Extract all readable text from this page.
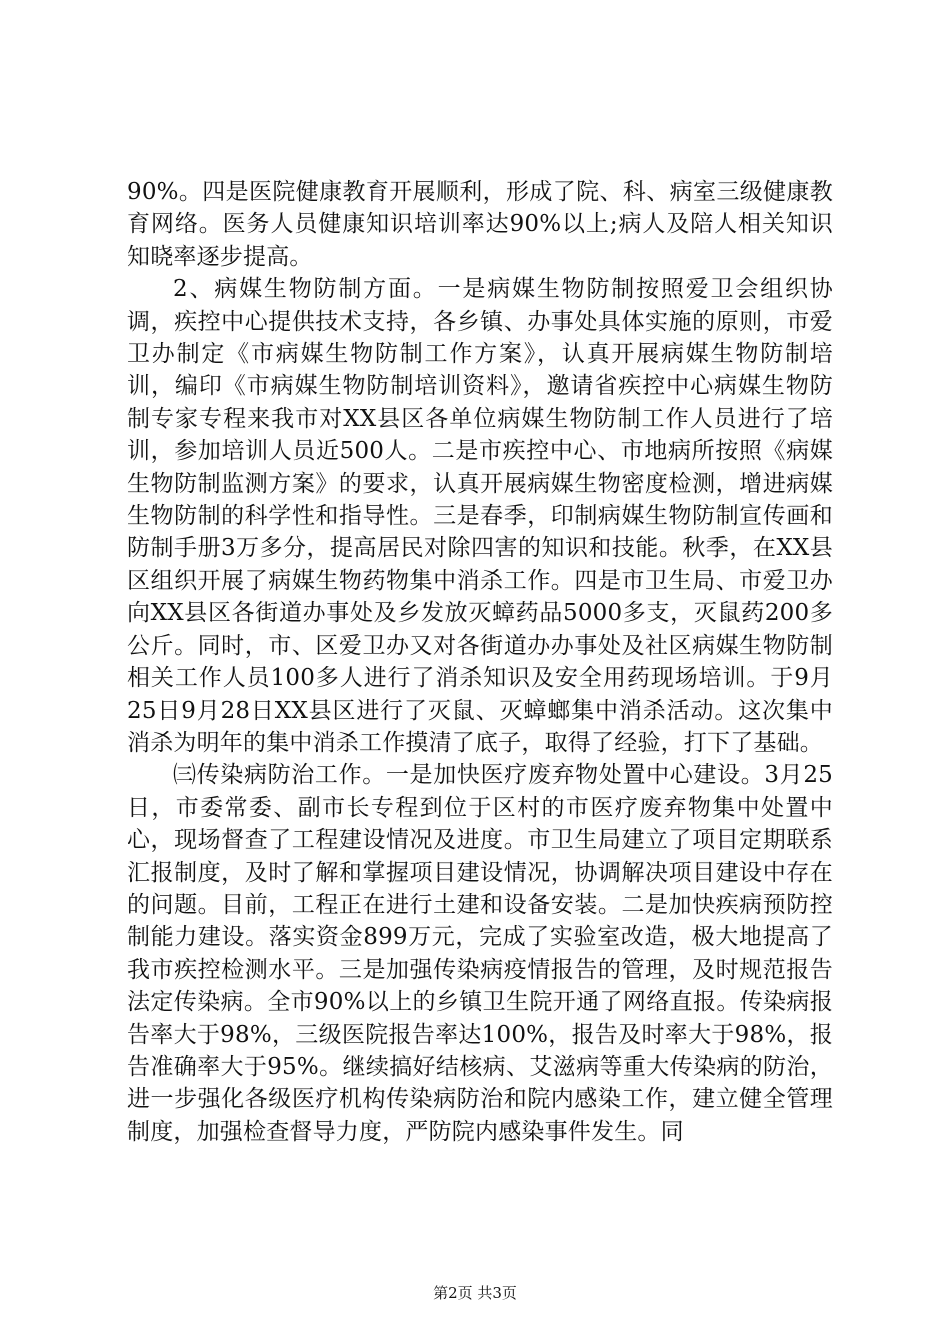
90%。四是医院健康教育开展顺利，形成了院、科、病室三级健康教育网络。医务人员健康知识培训率达90%以上;病人及陪人相关知识知晓率逐步提高。

2、病媒生物防制方面。一是病媒生物防制按照爱卫会组织协调，疾控中心提供技术支持，各乡镇、办事处具体实施的原则，市爱卫办制定《市病媒生物防制工作方案》，认真开展病媒生物防制培训，编印《市病媒生物防制培训资料》，邀请省疾控中心病媒生物防制专家专程来我市对XX县区各单位病媒生物防制工作人员进行了培训，参加培训人员近500人。二是市疾控中心、市地病所按照《病媒生物防制监测方案》的要求，认真开展病媒生物密度检测，增进病媒生物防制的科学性和指导性。三是春季，印制病媒生物防制宣传画和防制手册3万多分，提高居民对除四害的知识和技能。秋季，在XX县区组织开展了病媒生物药物集中消杀工作。四是市卫生局、市爱卫办向XX县区各街道办事处及乡发放灭蟑药品5000多支，灭鼠药200多公斤。同时，市、区爱卫办又对各街道办办事处及社区病媒生物防制相关工作人员100多人进行了消杀知识及安全用药现场培训。于9月25日9月28日XX县区进行了灭鼠、灭蟑螂集中消杀活动。这次集中消杀为明年的集中消杀工作摸清了底子，取得了经验，打下了基础。

㈢传染病防治工作。一是加快医疗废弃物处置中心建设。3月25日，市委常委、副市长专程到位于区村的市医疗废弃物集中处置中心，现场督查了工程建设情况及进度。市卫生局建立了项目定期联系汇报制度，及时了解和掌握项目建设情况，协调解决项目建设中存在的问题。目前，工程正在进行土建和设备安装。二是加快疾病预防控制能力建设。落实资金899万元，完成了实验室改造，极大地提高了我市疾控检测水平。三是加强传染病疫情报告的管理，及时规范报告法定传染病。全市90%以上的乡镇卫生院开通了网络直报。传染病报告率大于98%，三级医院报告率达100%，报告及时率大于98%，报告准确率大于95%。继续搞好结核病、艾滋病等重大传染病的防治，进一步强化各级医疗机构传染病防治和院内感染工作，建立健全管理制度，加强检查督导力度，严防院内感染事件发生。同

第2页 共3页
